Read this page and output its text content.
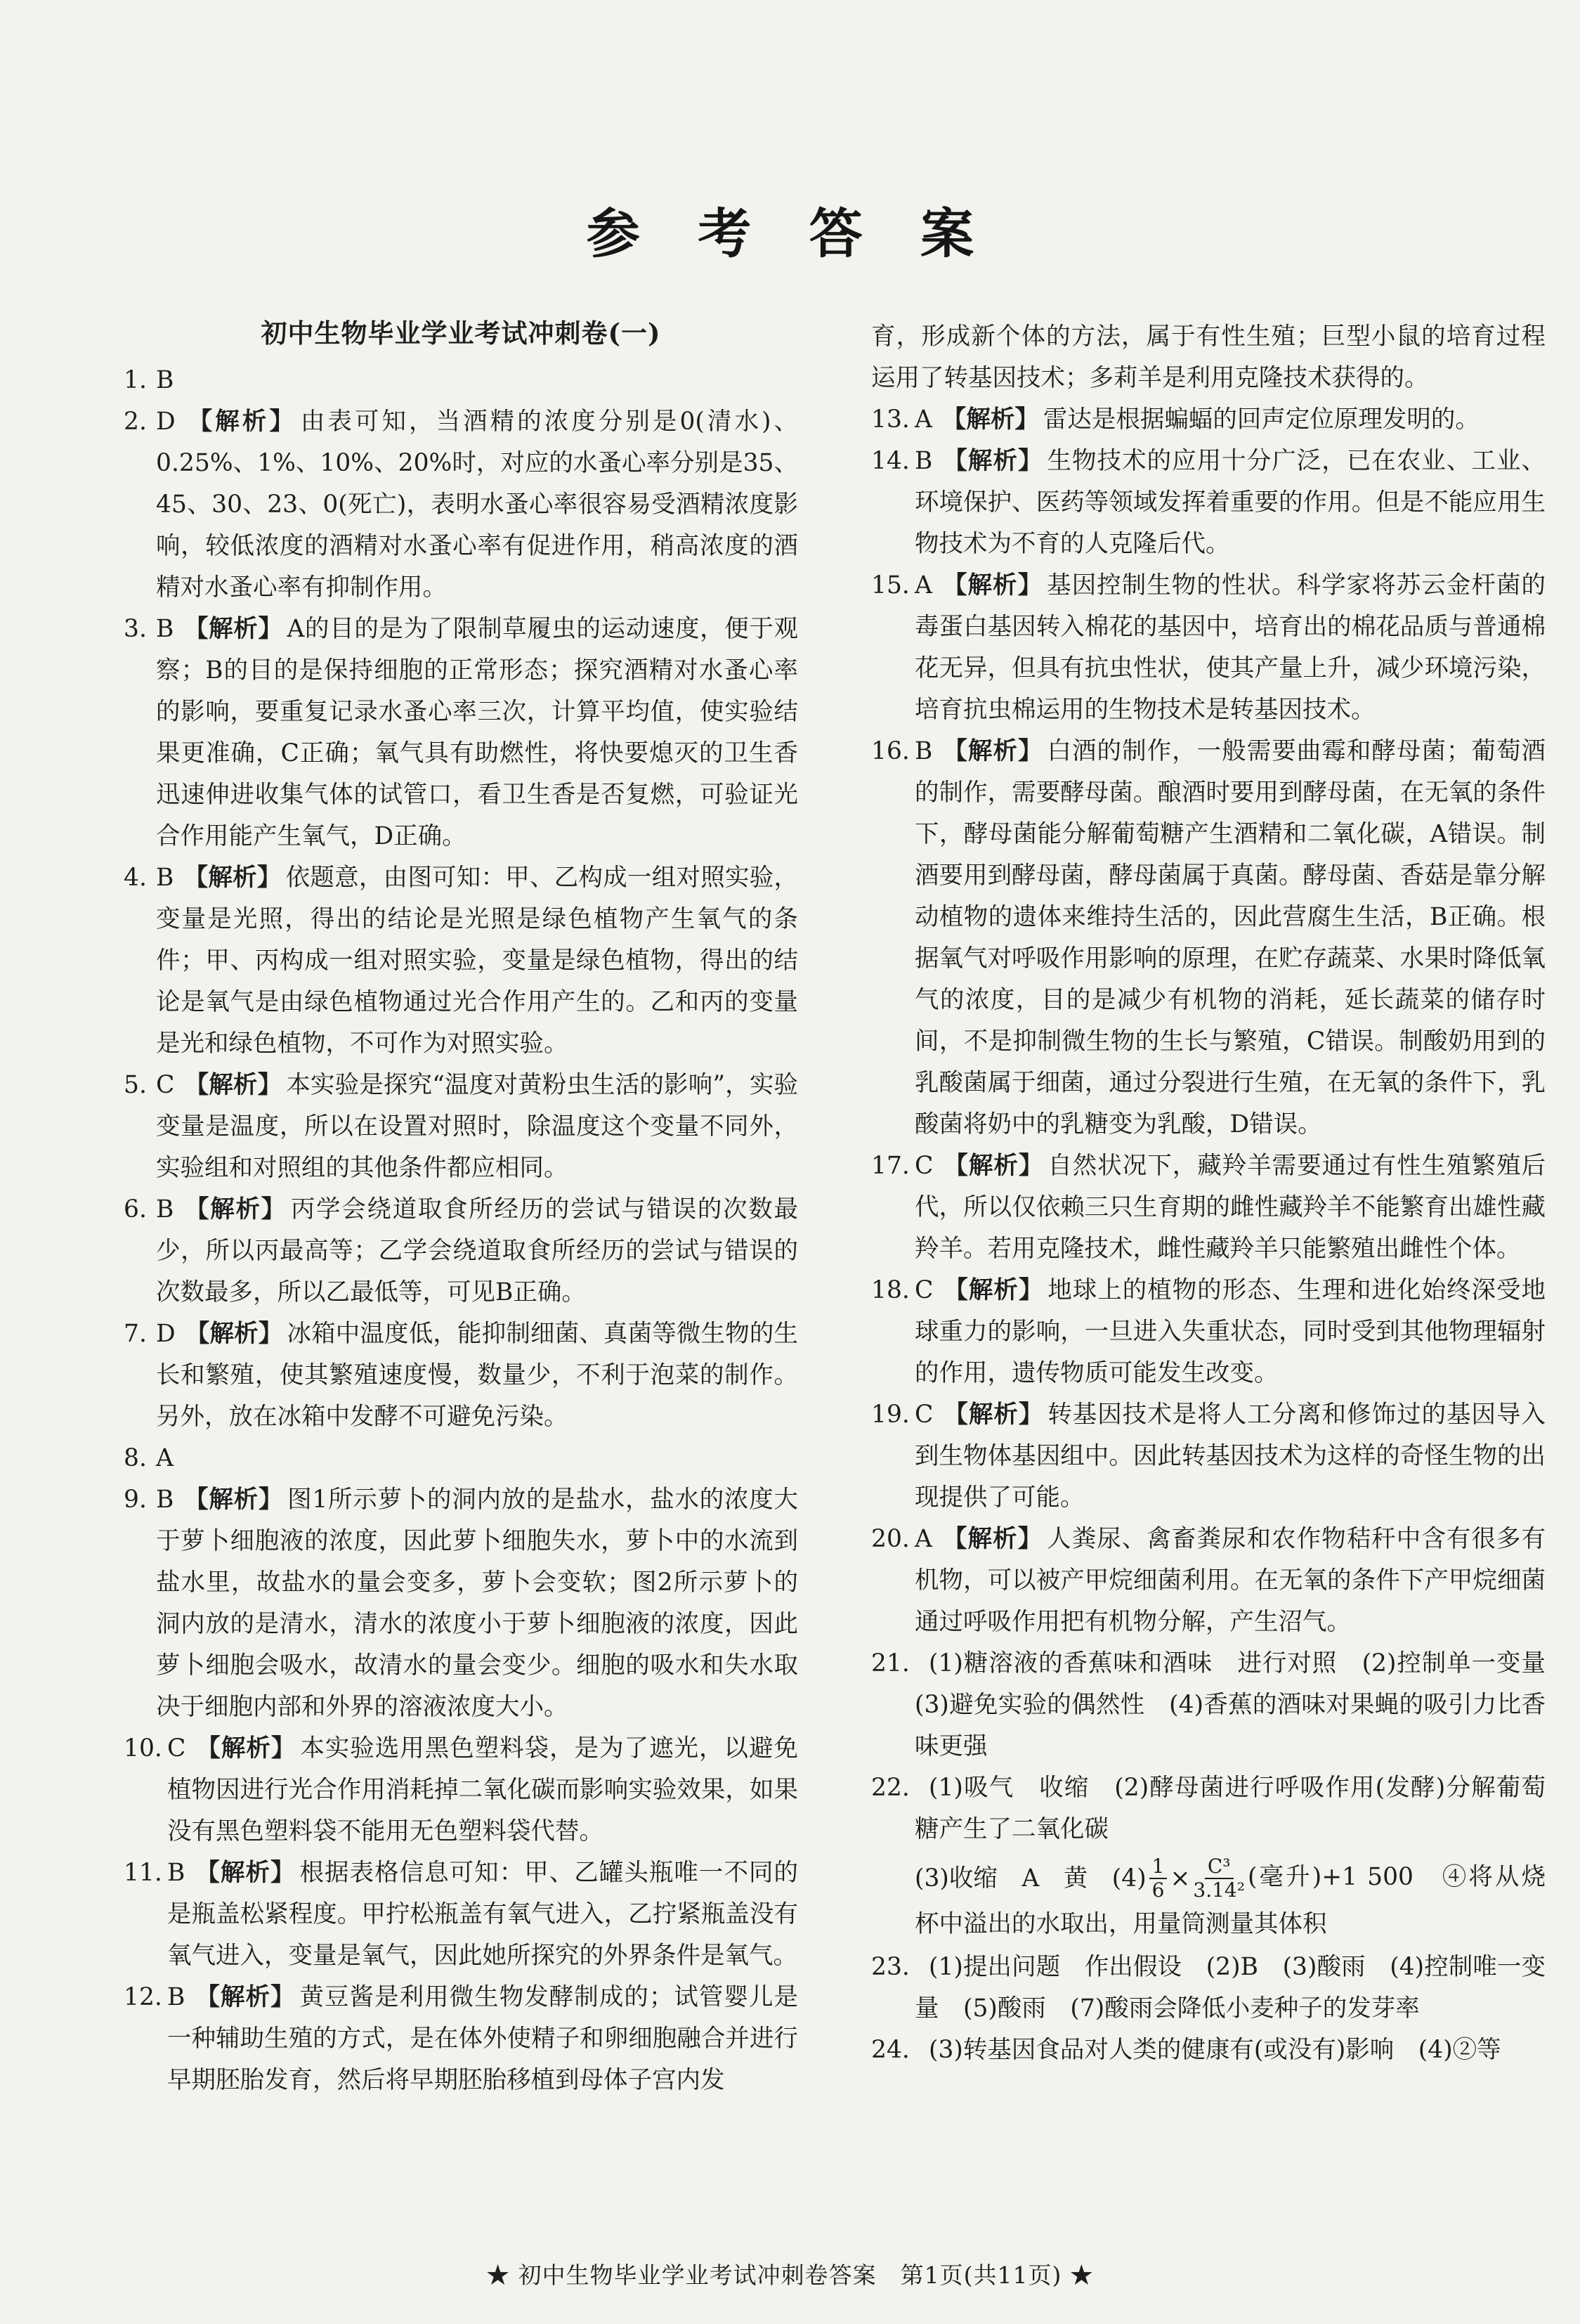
参 考 答 案
初中生物毕业学业考试冲刺卷(一)
1. B
2. D 【解析】 由表可知，当酒精的浓度分别是0(清水)、0.25%、1%、10%、20%时，对应的水蚤心率分别是35、45、30、23、0(死亡)，表明水蚤心率很容易受酒精浓度影响，较低浓度的酒精对水蚤心率有促进作用，稍高浓度的酒精对水蚤心率有抑制作用。
3. B 【解析】 A的目的是为了限制草履虫的运动速度，便于观察；B的目的是保持细胞的正常形态；探究酒精对水蚤心率的影响，要重复记录水蚤心率三次，计算平均值，使实验结果更准确，C正确；氧气具有助燃性，将快要熄灭的卫生香迅速伸进收集气体的试管口，看卫生香是否复燃，可验证光合作用能产生氧气，D正确。
4. B 【解析】 依题意，由图可知：甲、乙构成一组对照实验，变量是光照，得出的结论是光照是绿色植物产生氧气的条件；甲、丙构成一组对照实验，变量是绿色植物，得出的结论是氧气是由绿色植物通过光合作用产生的。乙和丙的变量是光和绿色植物，不可作为对照实验。
5. C 【解析】 本实验是探究“温度对黄粉虫生活的影响”，实验变量是温度，所以在设置对照时，除温度这个变量不同外，实验组和对照组的其他条件都应相同。
6. B 【解析】 丙学会绕道取食所经历的尝试与错误的次数最少，所以丙最高等；乙学会绕道取食所经历的尝试与错误的次数最多，所以乙最低等，可见B正确。
7. D 【解析】 冰箱中温度低，能抑制细菌、真菌等微生物的生长和繁殖，使其繁殖速度慢，数量少，不利于泡菜的制作。另外，放在冰箱中发酵不可避免污染。
8. A
9. B 【解析】 图1所示萝卜的洞内放的是盐水，盐水的浓度大于萝卜细胞液的浓度，因此萝卜细胞失水，萝卜中的水流到盐水里，故盐水的量会变多，萝卜会变软；图2所示萝卜的洞内放的是清水，清水的浓度小于萝卜细胞液的浓度，因此萝卜细胞会吸水，故清水的量会变少。细胞的吸水和失水取决于细胞内部和外界的溶液浓度大小。
10. C 【解析】 本实验选用黑色塑料袋，是为了遮光，以避免植物因进行光合作用消耗掉二氧化碳而影响实验效果，如果没有黑色塑料袋不能用无色塑料袋代替。
11. B 【解析】 根据表格信息可知：甲、乙罐头瓶唯一不同的是瓶盖松紧程度。甲拧松瓶盖有氧气进入，乙拧紧瓶盖没有氧气进入，变量是氧气，因此她所探究的外界条件是氧气。
12. B 【解析】 黄豆酱是利用微生物发酵制成的；试管婴儿是一种辅助生殖的方式，是在体外使精子和卵细胞融合并进行早期胚胎发育，然后将早期胚胎移植到母体子宫内发

育，形成新个体的方法，属于有性生殖；巨型小鼠的培育过程运用了转基因技术；多莉羊是利用克隆技术获得的。

13. A 【解析】 雷达是根据蝙蝠的回声定位原理发明的。
14. B 【解析】 生物技术的应用十分广泛，已在农业、工业、环境保护、医药等领域发挥着重要的作用。但是不能应用生物技术为不育的人克隆后代。
15. A 【解析】 基因控制生物的性状。科学家将苏云金杆菌的毒蛋白基因转入棉花的基因中，培育出的棉花品质与普通棉花无异，但具有抗虫性状，使其产量上升，减少环境污染，培育抗虫棉运用的生物技术是转基因技术。
16. B 【解析】 白酒的制作，一般需要曲霉和酵母菌；葡萄酒的制作，需要酵母菌。酿酒时要用到酵母菌，在无氧的条件下，酵母菌能分解葡萄糖产生酒精和二氧化碳，A错误。制酒要用到酵母菌，酵母菌属于真菌。酵母菌、香菇是靠分解动植物的遗体来维持生活的，因此营腐生生活，B正确。根据氧气对呼吸作用影响的原理，在贮存蔬菜、水果时降低氧气的浓度，目的是减少有机物的消耗，延长蔬菜的储存时间，不是抑制微生物的生长与繁殖，C错误。制酸奶用到的乳酸菌属于细菌，通过分裂进行生殖，在无氧的条件下，乳酸菌将奶中的乳糖变为乳酸，D错误。
17. C 【解析】 自然状况下，藏羚羊需要通过有性生殖繁殖后代，所以仅依赖三只生育期的雌性藏羚羊不能繁育出雄性藏羚羊。若用克隆技术，雌性藏羚羊只能繁殖出雌性个体。
18. C 【解析】 地球上的植物的形态、生理和进化始终深受地球重力的影响，一旦进入失重状态，同时受到其他物理辐射的作用，遗传物质可能发生改变。
19. C 【解析】 转基因技术是将人工分离和修饰过的基因导入到生物体基因组中。因此转基因技术为这样的奇怪生物的出现提供了可能。
20. A 【解析】 人粪尿、禽畜粪尿和农作物秸秆中含有很多有机物，可以被产甲烷细菌利用。在无氧的条件下产甲烷细菌通过呼吸作用把有机物分解，产生沼气。
21. (1)糖溶液的香蕉味和酒味　进行对照　(2)控制单一变量　(3)避免实验的偶然性　(4)香蕉的酒味对果蝇的吸引力比香味更强
22. (1)吸气　收缩　(2)酵母菌进行呼吸作用(发酵)分解葡萄糖产生了二氧化碳
(3)收缩　A　黄　$(4) \frac{1}{6} \times \frac{\text{C³}}{\text{3.14²}}$ (毫升)+1 500　④将从烧杯中溢出的水取出，用量筒测量其体积
23. (1)提出问题　作出假设　(2)B　(3)酸雨　(4)控制唯一变量　(5)酸雨　(7)酸雨会降低小麦种子的发芽率
24. (3)转基因食品对人类的健康有(或没有)影响　(4)②等
★ 初中生物毕业学业考试冲刺卷答案　第1页(共11页) ★
